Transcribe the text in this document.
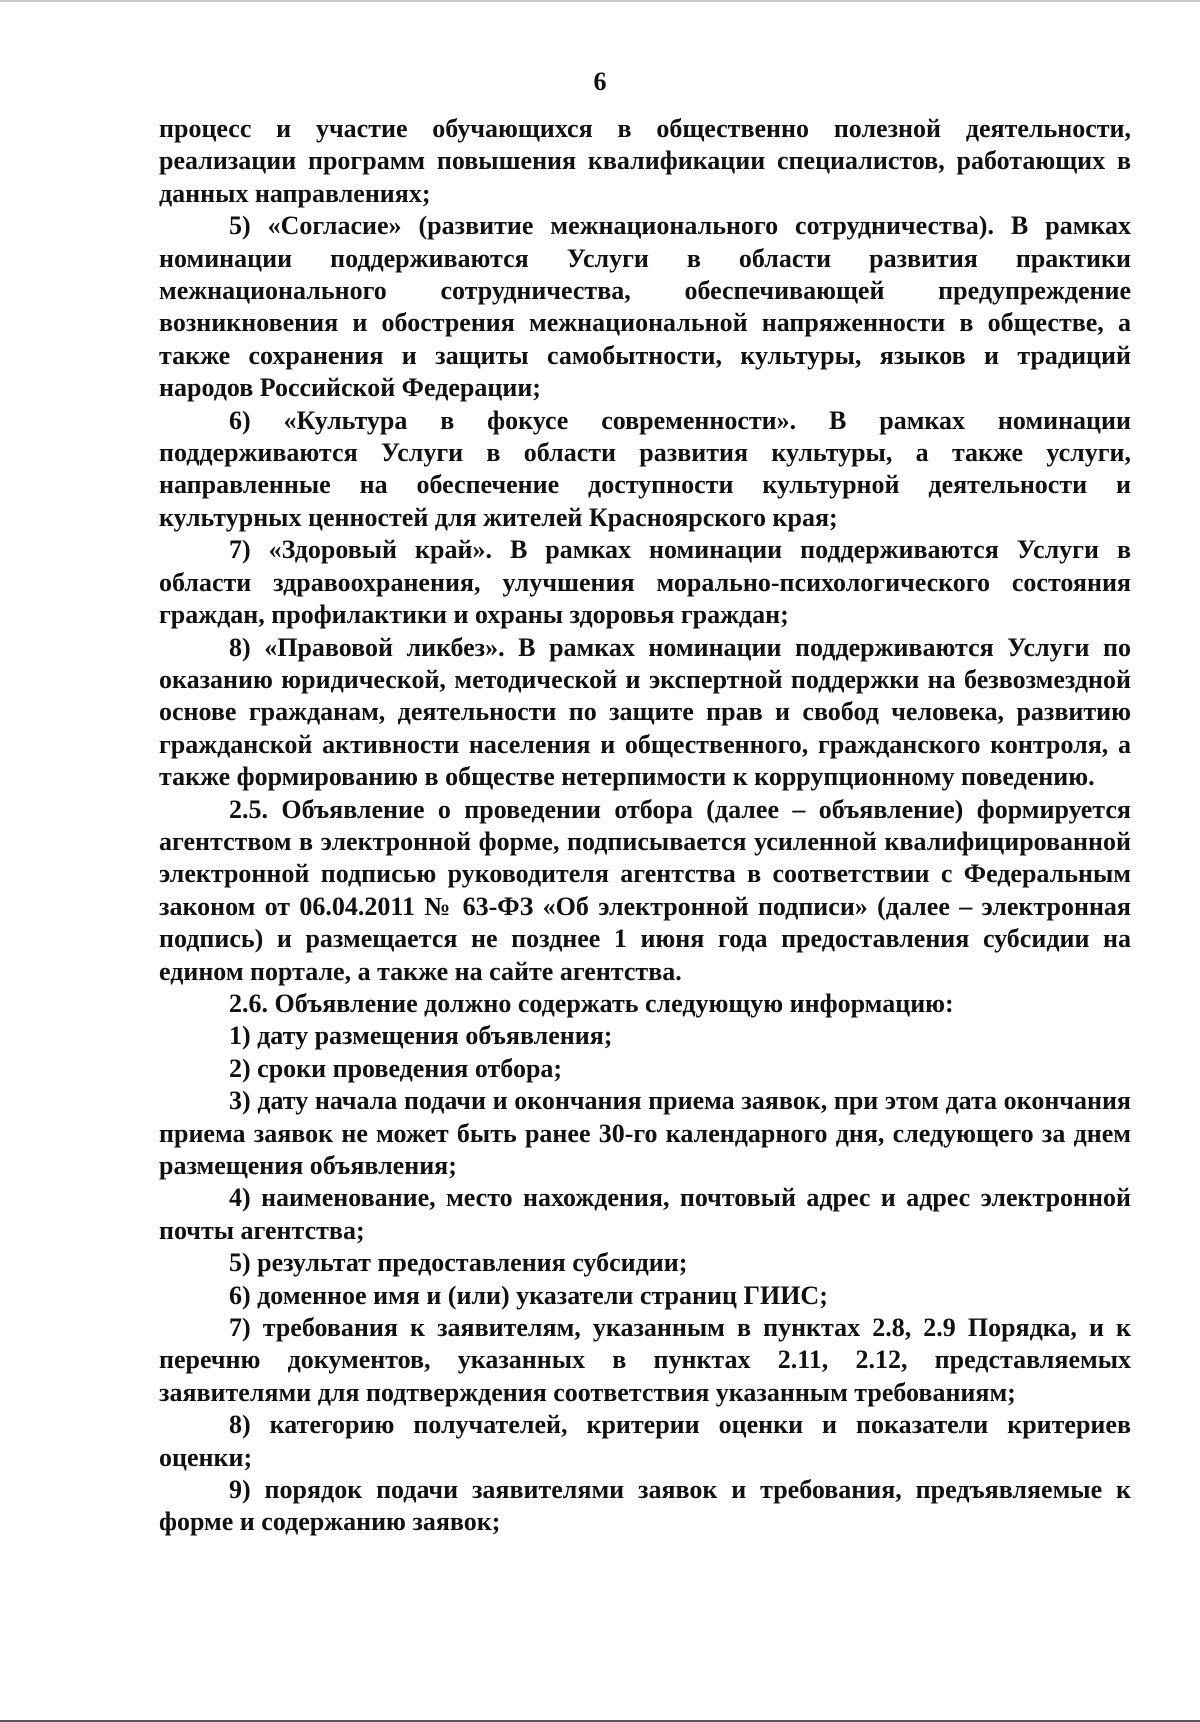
6

процесс и участие обучающихся в общественно полезной деятельности, реализации программ повышения квалификации специалистов, работающих в данных направлениях;

5) «Согласие» (развитие межнационального сотрудничества). В рамках номинации поддерживаются Услуги в области развития практики межнационального сотрудничества, обеспечивающей предупреждение возникновения и обострения межнациональной напряженности в обществе, а также сохранения и защиты самобытности, культуры, языков и традиций народов Российской Федерации;

6) «Культура в фокусе современности». В рамках номинации поддерживаются Услуги в области развития культуры, а также услуги, направленные на обеспечение доступности культурной деятельности и культурных ценностей для жителей Красноярского края;

7) «Здоровый край». В рамках номинации поддерживаются Услуги в области здравоохранения, улучшения морально-психологического состояния граждан, профилактики и охраны здоровья граждан;

8) «Правовой ликбез». В рамках номинации поддерживаются Услуги по оказанию юридической, методической и экспертной поддержки на безвозмездной основе гражданам, деятельности по защите прав и свобод человека, развитию гражданской активности населения и общественного, гражданского контроля, а также формированию в обществе нетерпимости к коррупционному поведению.

2.5. Объявление о проведении отбора (далее – объявление) формируется агентством в электронной форме, подписывается усиленной квалифицированной электронной подписью руководителя агентства в соответствии с Федеральным законом от 06.04.2011 № 63-ФЗ «Об электронной подписи» (далее – электронная подпись) и размещается не позднее 1 июня года предоставления субсидии на едином портале, а также на сайте агентства.

2.6. Объявление должно содержать следующую информацию:

1) дату размещения объявления;

2) сроки проведения отбора;

3) дату начала подачи и окончания приема заявок, при этом дата окончания приема заявок не может быть ранее 30-го календарного дня, следующего за днем размещения объявления;

4) наименование, место нахождения, почтовый адрес и адрес электронной почты агентства;

5) результат предоставления субсидии;

6) доменное имя и (или) указатели страниц ГИИС;

7) требования к заявителям, указанным в пунктах 2.8, 2.9 Порядка, и к перечню документов, указанных в пунктах 2.11, 2.12, представляемых заявителями для подтверждения соответствия указанным требованиям;

8) категорию получателей, критерии оценки и показатели критериев оценки;

9) порядок подачи заявителями заявок и требования, предъявляемые к форме и содержанию заявок;
